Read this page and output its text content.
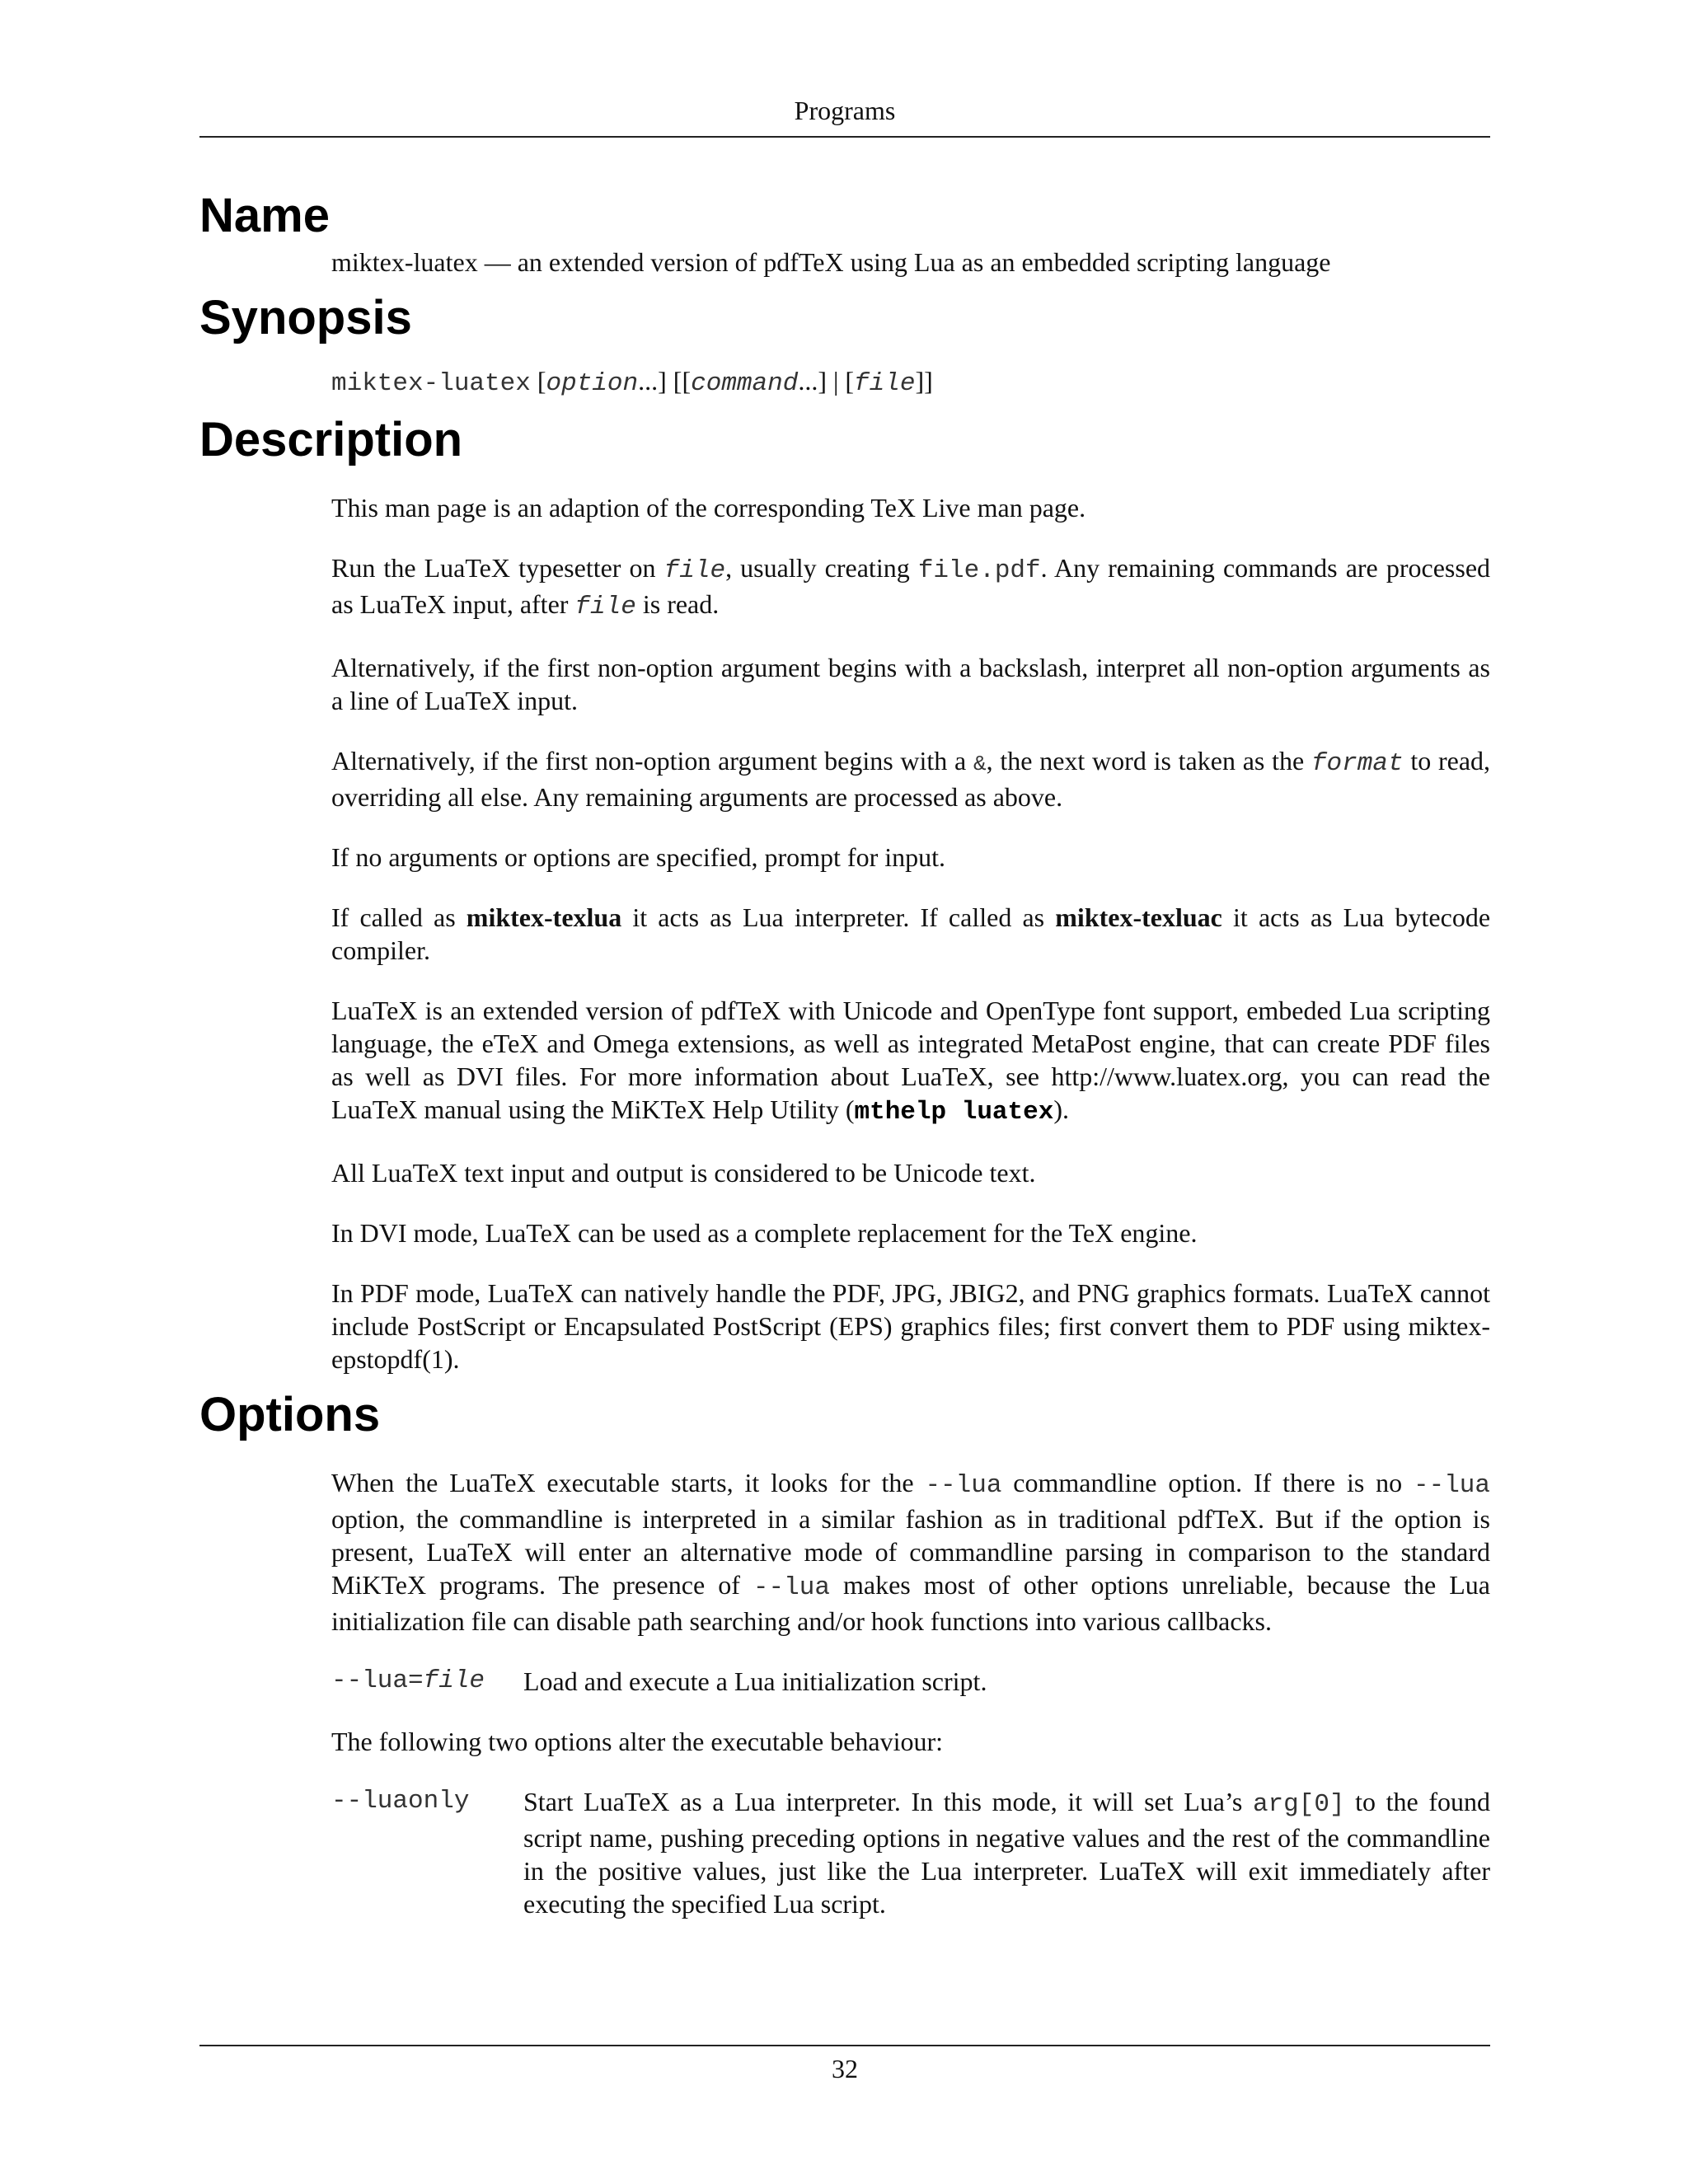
Programs
Name

miktex-luatex — an extended version of pdfTeX using Lua as an embedded scripting language

Synopsis

miktex-luatex [option...] [[command...] | [file]]

Description

This man page is an adaption of the corresponding TeX Live man page.

Run the LuaTeX typesetter on file, usually creating file.pdf. Any remaining commands are processed as LuaTeX input, after file is read.

Alternatively, if the first non-option argument begins with a backslash, interpret all non-option arguments as a line of LuaTeX input.

Alternatively, if the first non-option argument begins with a &, the next word is taken as the format to read, overriding all else. Any remaining arguments are processed as above.

If no arguments or options are specified, prompt for input.

If called as miktex-texlua it acts as Lua interpreter. If called as miktex-texluac it acts as Lua bytecode compiler.

LuaTeX is an extended version of pdfTeX with Unicode and OpenType font support, embeded Lua scripting language, the eTeX and Omega extensions, as well as integrated MetaPost engine, that can create PDF files as well as DVI files. For more information about LuaTeX, see http://www.luatex.org, you can read the LuaTeX manual using the MiKTeX Help Utility (mthelp luatex).

All LuaTeX text input and output is considered to be Unicode text.

In DVI mode, LuaTeX can be used as a complete replacement for the TeX engine.

In PDF mode, LuaTeX can natively handle the PDF, JPG, JBIG2, and PNG graphics formats. LuaTeX cannot include PostScript or Encapsulated PostScript (EPS) graphics files; first convert them to PDF using miktex-epstopdf(1).

Options

When the LuaTeX executable starts, it looks for the --lua commandline option. If there is no --lua option, the commandline is interpreted in a similar fashion as in traditional pdfTeX. But if the option is present, LuaTeX will enter an alternative mode of commandline parsing in comparison to the standard MiKTeX programs. The presence of --lua makes most of other options unreliable, because the Lua initialization file can disable path searching and/or hook functions into various callbacks.

--lua=file	Load and execute a Lua initialization script.

The following two options alter the executable behaviour:

--luaonly	Start LuaTeX as a Lua interpreter. In this mode, it will set Lua’s arg[0] to the found script name, pushing preceding options in negative values and the rest of the commandline in the positive values, just like the Lua interpreter. LuaTeX will exit immediately after executing the specified Lua script.
32
